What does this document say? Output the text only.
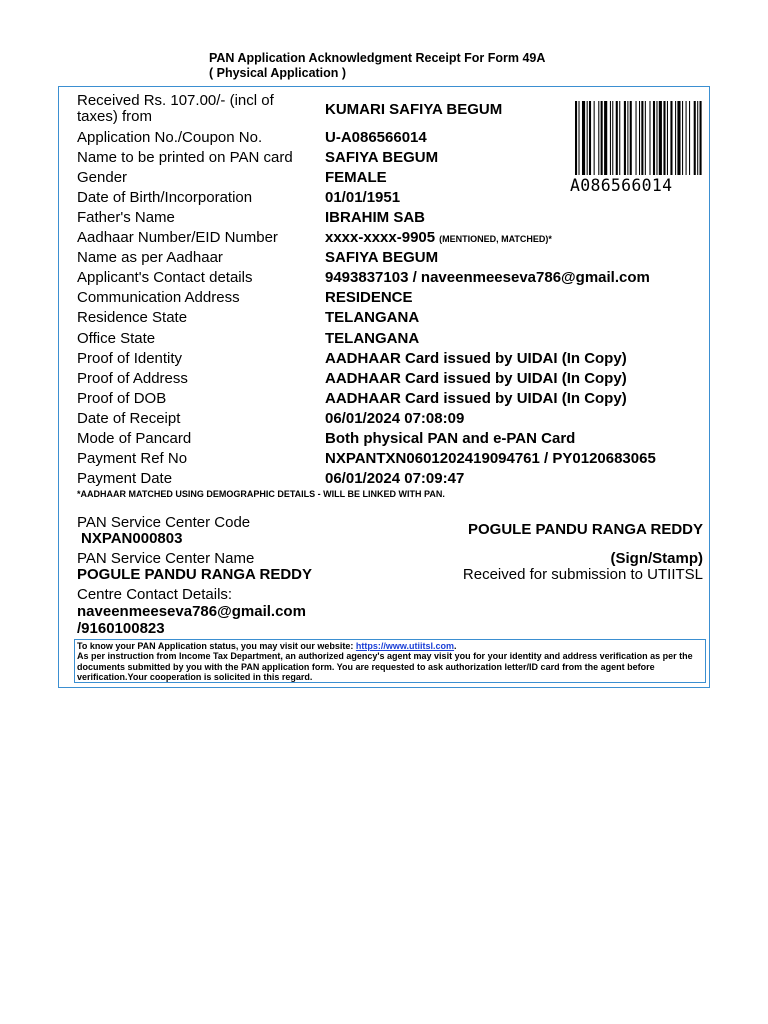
PAN Application Acknowledgment Receipt For Form 49A
( Physical Application )
Received Rs. 107.00/- (incl of
taxes) from	KUMARI SAFIYA BEGUM
Application No./Coupon No.	U-A086566014
Name to be printed on PAN card	SAFIYA BEGUM
Gender	FEMALE
Date of Birth/Incorporation	01/01/1951
Father's Name	IBRAHIM SAB
Aadhaar Number/EID Number	xxxx-xxxx-9905 (MENTIONED, MATCHED)*
Name as per Aadhaar	SAFIYA BEGUM
Applicant's Contact details	9493837103 / naveenmeeseva786@gmail.com
Communication Address	RESIDENCE
Residence State	TELANGANA
Office State	TELANGANA
Proof of Identity	AADHAAR Card issued by UIDAI (In Copy)
Proof of Address	AADHAAR Card issued by UIDAI (In Copy)
Proof of DOB	AADHAAR Card issued by UIDAI (In Copy)
Date of Receipt	06/01/2024 07:08:09
Mode of Pancard	Both physical PAN and e-PAN Card
Payment Ref No	NXPANTXN0601202419094761 / PY0120683065
Payment Date	06/01/2024 07:09:47
A086566014
*AADHAAR MATCHED USING DEMOGRAPHIC DETAILS - WILL BE LINKED WITH PAN.
PAN Service Center Code
NXPAN000803
PAN Service Center Name
POGULE PANDU RANGA REDDY
Centre Contact Details:
naveenmeeseva786@gmail.com
/9160100823
POGULE PANDU RANGA REDDY
(Sign/Stamp)
Received for submission to UTIITSL
To know your PAN Application status, you may visit our website: https://www.utiitsl.com.
As per instruction from Income Tax Department, an authorized agency's agent may visit you for your identity and address verification as per the documents submitted by you with the PAN application form. You are requested to ask authorization letter/ID card from the agent before verification.Your cooperation is solicited in this regard.
